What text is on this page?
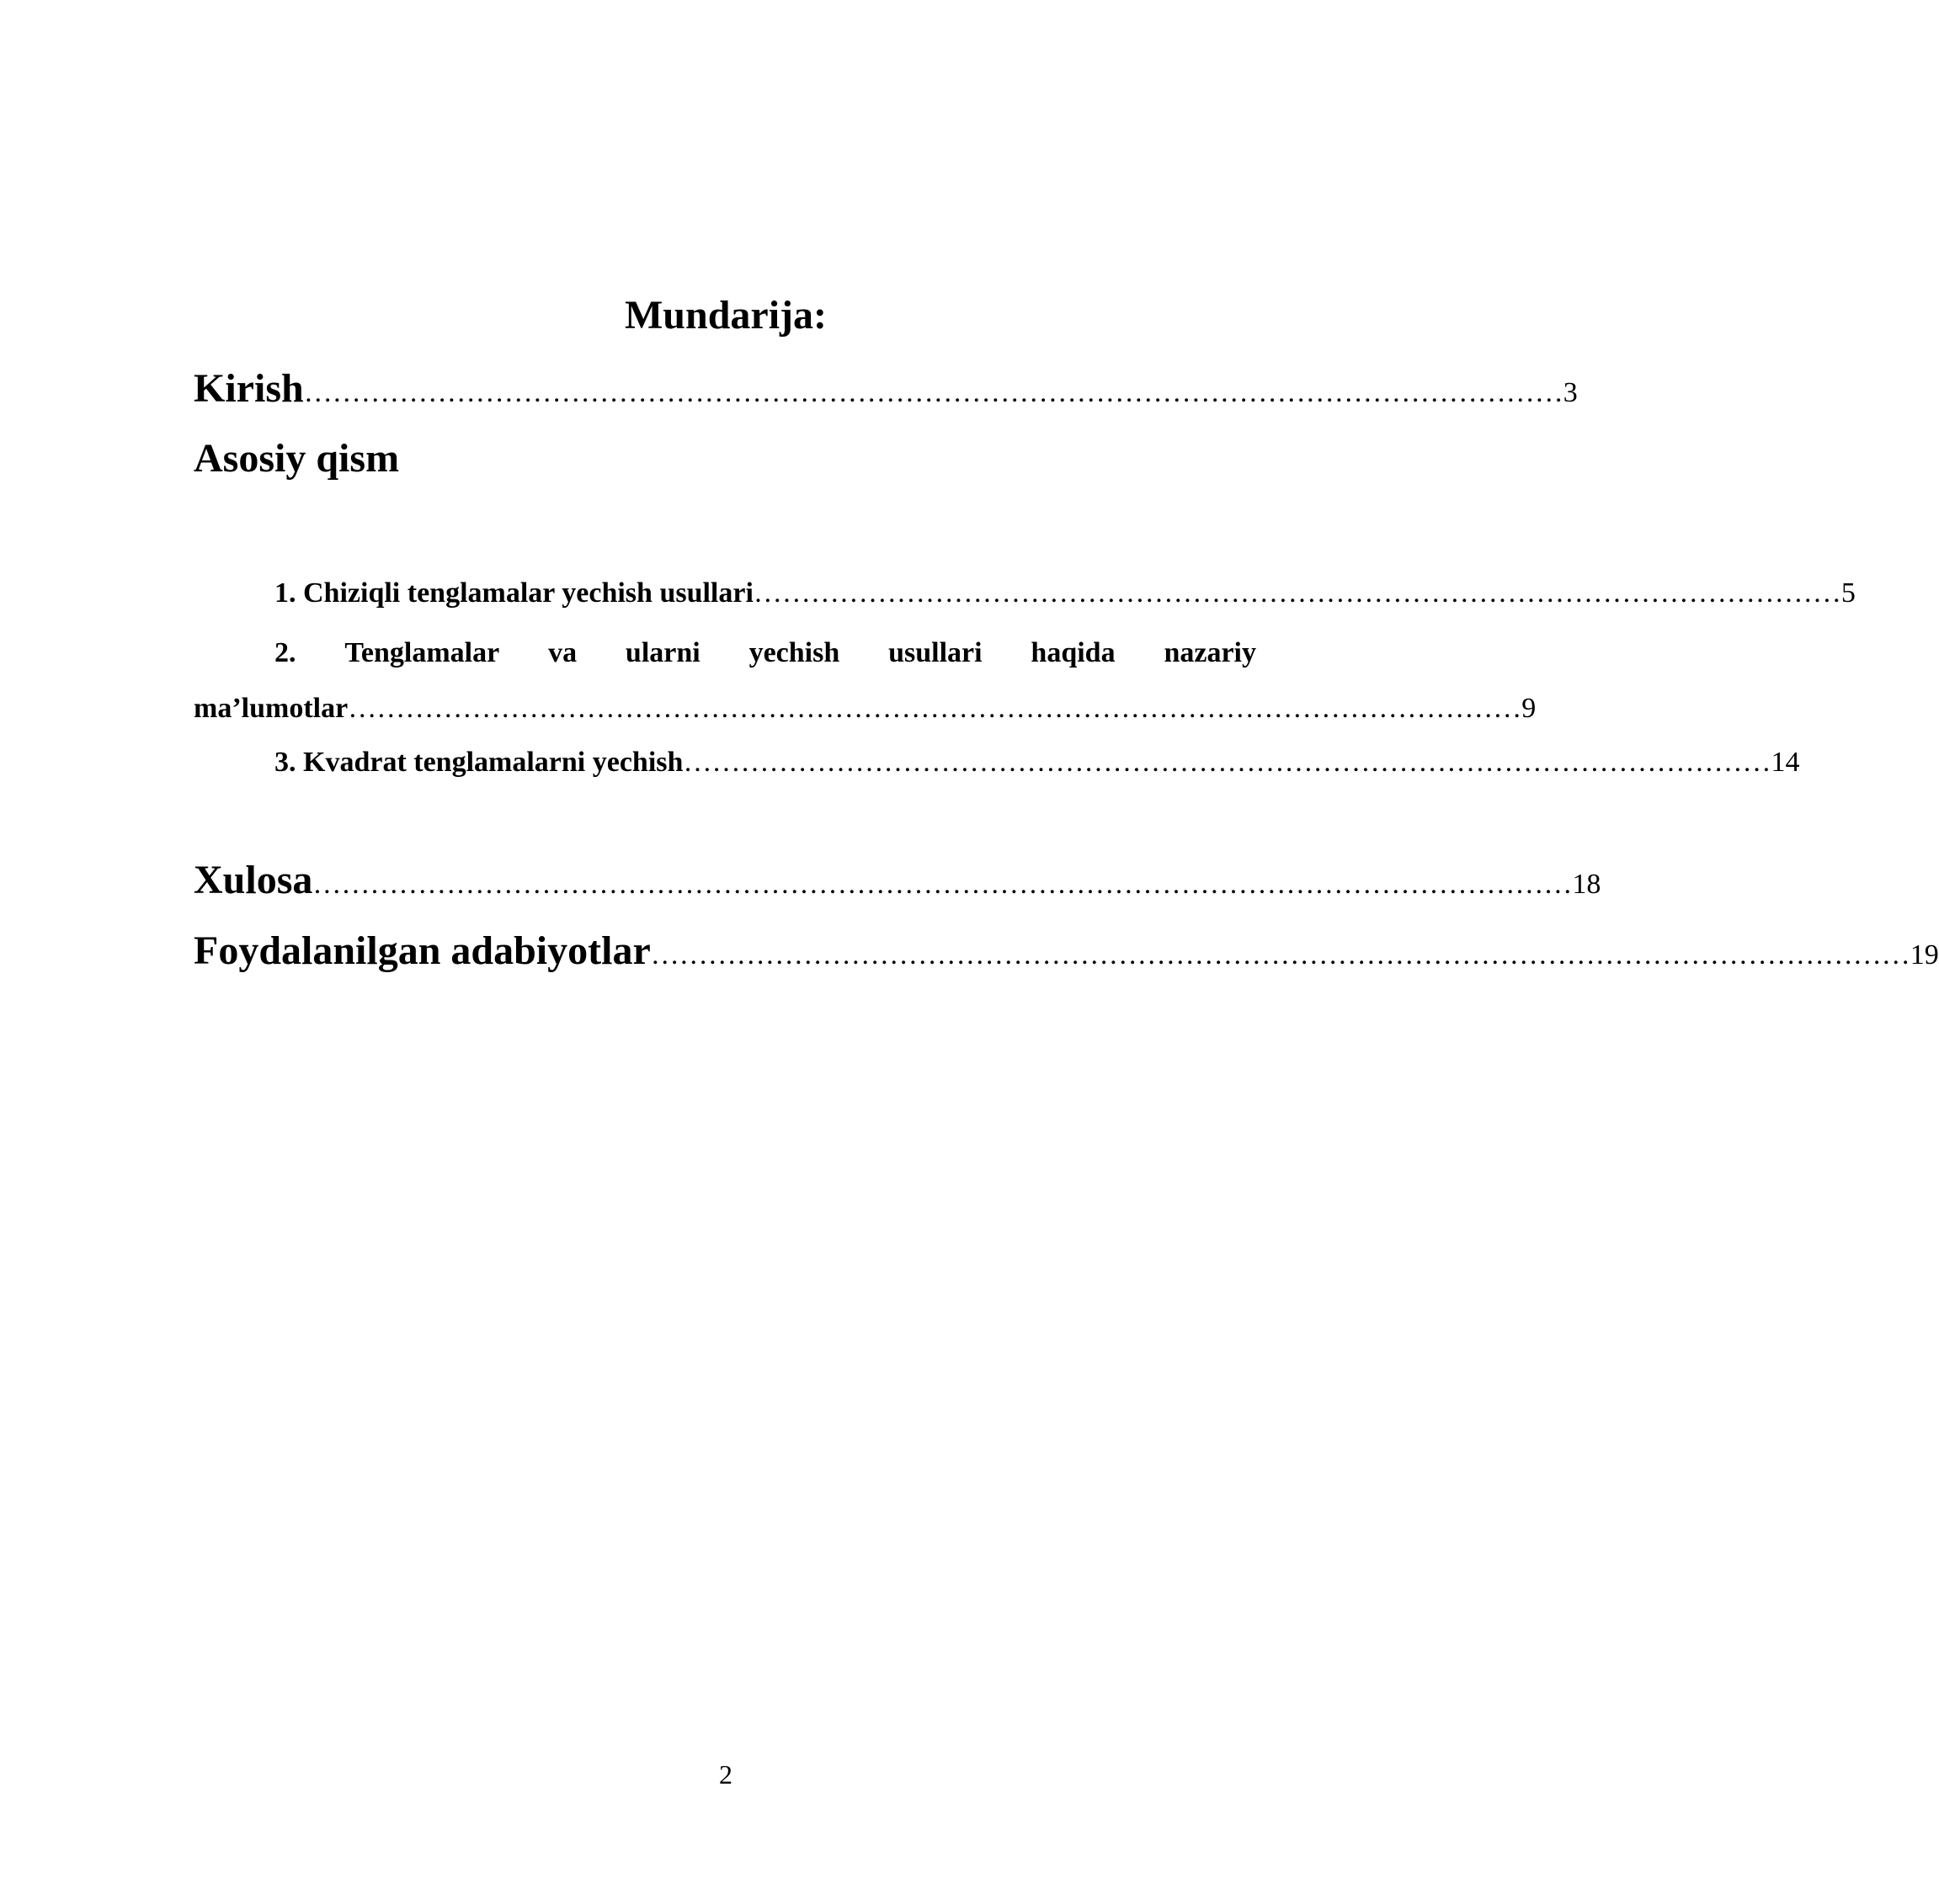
Mundarija:
Kirish …………………………………………………………………………………………………………………… 3
Asosiy qism
1. Chiziqli tenglamalar yechish usullari …………………………………………………………………………………………………… 5
2. Tenglamalar va ularni yechish usullari haqida nazariy
ma’lumotlar …………………………………………………………………………………………………………… 9
3. Kvadrat tenglamalarni yechish …………………………………………………………………………………………………… 14
Xulosa …………………………………………………………………………………………………………………… 18
Foydalanilgan adabiyotlar …………………………………………………………………………………………………………………… 19
2
